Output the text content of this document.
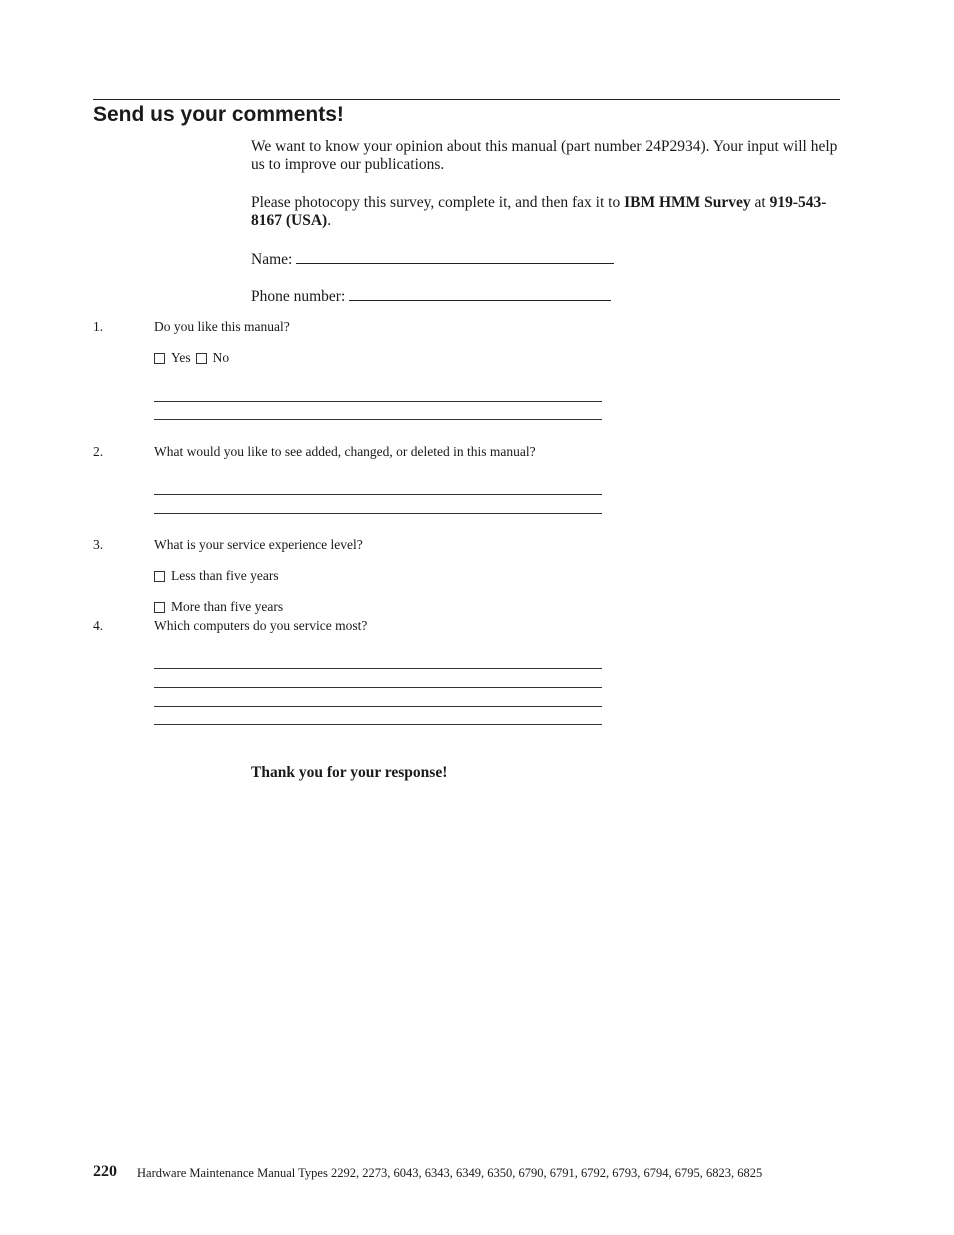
Send us your comments!

We want to know your opinion about this manual (part number 24P2934). Your input will help us to improve our publications.

Please photocopy this survey, complete it, and then fax it to IBM HMM Survey at 919-543-8167 (USA).

Name:
Phone number:
1.	Do you like this manual?
Yes No
2.	What would you like to see added, changed, or deleted in this manual?
3.	What is your service experience level?
Less than five years
More than five years
4.	Which computers do you service most?
Thank you for your response!
220 Hardware Maintenance Manual Types 2292, 2273, 6043, 6343, 6349, 6350, 6790, 6791, 6792, 6793, 6794, 6795, 6823, 6825
